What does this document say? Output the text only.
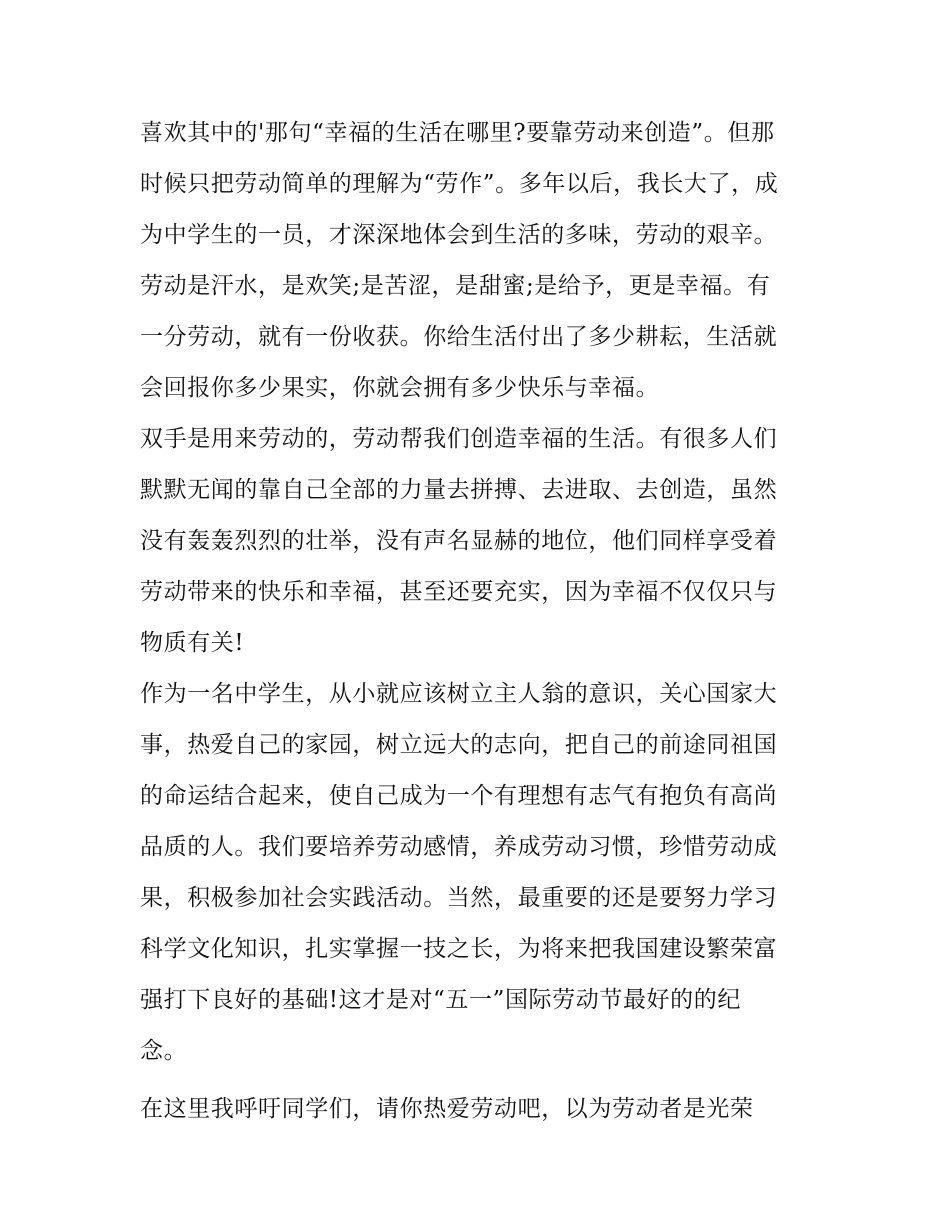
喜欢其中的'那句“幸福的生活在哪里?要靠劳动来创造”。但那
时候只把劳动简单的理解为“劳作”。多年以后，我长大了，成
为中学生的一员，才深深地体会到生活的多味，劳动的艰辛。
劳动是汗水，是欢笑;是苦涩，是甜蜜;是给予，更是幸福。有
一分劳动，就有一份收获。你给生活付出了多少耕耘，生活就
会回报你多少果实，你就会拥有多少快乐与幸福。
双手是用来劳动的，劳动帮我们创造幸福的生活。有很多人们
默默无闻的靠自己全部的力量去拼搏、去进取、去创造，虽然
没有轰轰烈烈的壮举，没有声名显赫的地位，他们同样享受着
劳动带来的快乐和幸福，甚至还要充实，因为幸福不仅仅只与
物质有关!
作为一名中学生，从小就应该树立主人翁的意识，关心国家大
事，热爱自己的家园，树立远大的志向，把自己的前途同祖国
的命运结合起来，使自己成为一个有理想有志气有抱负有高尚
品质的人。我们要培养劳动感情，养成劳动习惯，珍惜劳动成
果，积极参加社会实践活动。当然，最重要的还是要努力学习
科学文化知识，扎实掌握一技之长，为将来把我国建设繁荣富
强打下良好的基础!这才是对“五一”国际劳动节最好的的纪
念。
在这里我呼吁同学们，请你热爱劳动吧，以为劳动者是光荣
